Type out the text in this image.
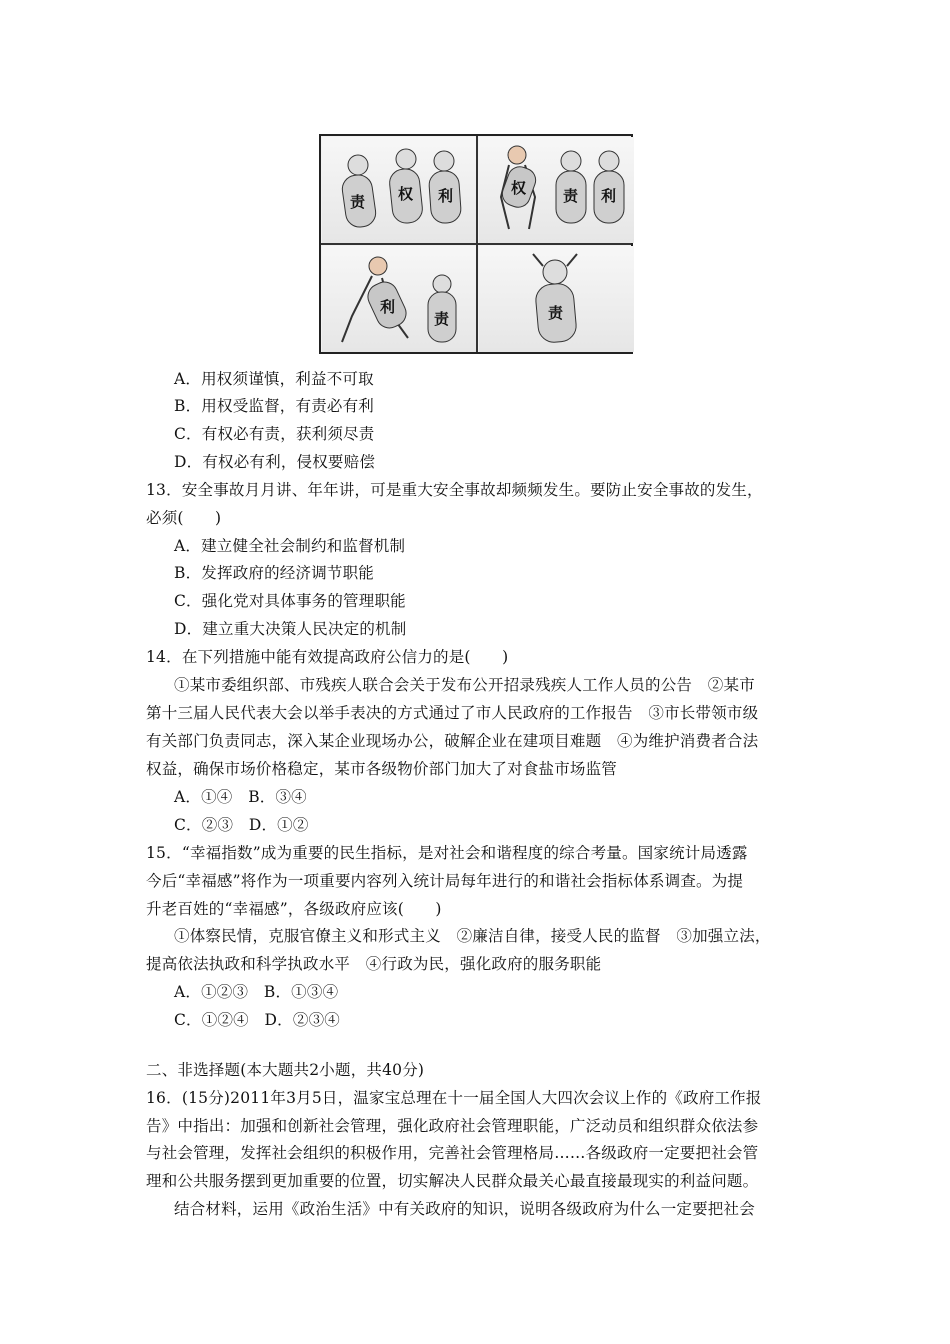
责 权 利	权 责 利
利
责	责
A．用权须谨慎，利益不可取
B．用权受监督，有责必有利
C．有权必有责，获利须尽责
D．有权必有利，侵权要赔偿
13．安全事故月月讲、年年讲，可是重大安全事故却频频发生。要防止安全事故的发生，
必须(　　)
A．建立健全社会制约和监督机制
B．发挥政府的经济调节职能
C．强化党对具体事务的管理职能
D．建立重大决策人民决定的机制
14．在下列措施中能有效提高政府公信力的是(　　)
①某市委组织部、市残疾人联合会关于发布公开招录残疾人工作人员的公告　②某市
第十三届人民代表大会以举手表决的方式通过了市人民政府的工作报告　③市长带领市级
有关部门负责同志，深入某企业现场办公，破解企业在建项目难题　④为维护消费者合法
权益，确保市场价格稳定，某市各级物价部门加大了对食盐市场监管
A．①④　B．③④
C．②③　D．①②
15．“幸福指数”成为重要的民生指标，是对社会和谐程度的综合考量。国家统计局透露
今后“幸福感”将作为一项重要内容列入统计局每年进行的和谐社会指标体系调查。为提
升老百姓的“幸福感”，各级政府应该(　　)
①体察民情，克服官僚主义和形式主义　②廉洁自律，接受人民的监督　③加强立法，
提高依法执政和科学执政水平　④行政为民，强化政府的服务职能
A．①②③　B．①③④
C．①②④　D．②③④
二、非选择题(本大题共2小题，共40分)
16．(15分)2011年3月5日，温家宝总理在十一届全国人大四次会议上作的《政府工作报
告》中指出：加强和创新社会管理，强化政府社会管理职能，广泛动员和组织群众依法参
与社会管理，发挥社会组织的积极作用，完善社会管理格局……各级政府一定要把社会管
理和公共服务摆到更加重要的位置，切实解决人民群众最关心最直接最现实的利益问题。
结合材料，运用《政治生活》中有关政府的知识，说明各级政府为什么一定要把社会
